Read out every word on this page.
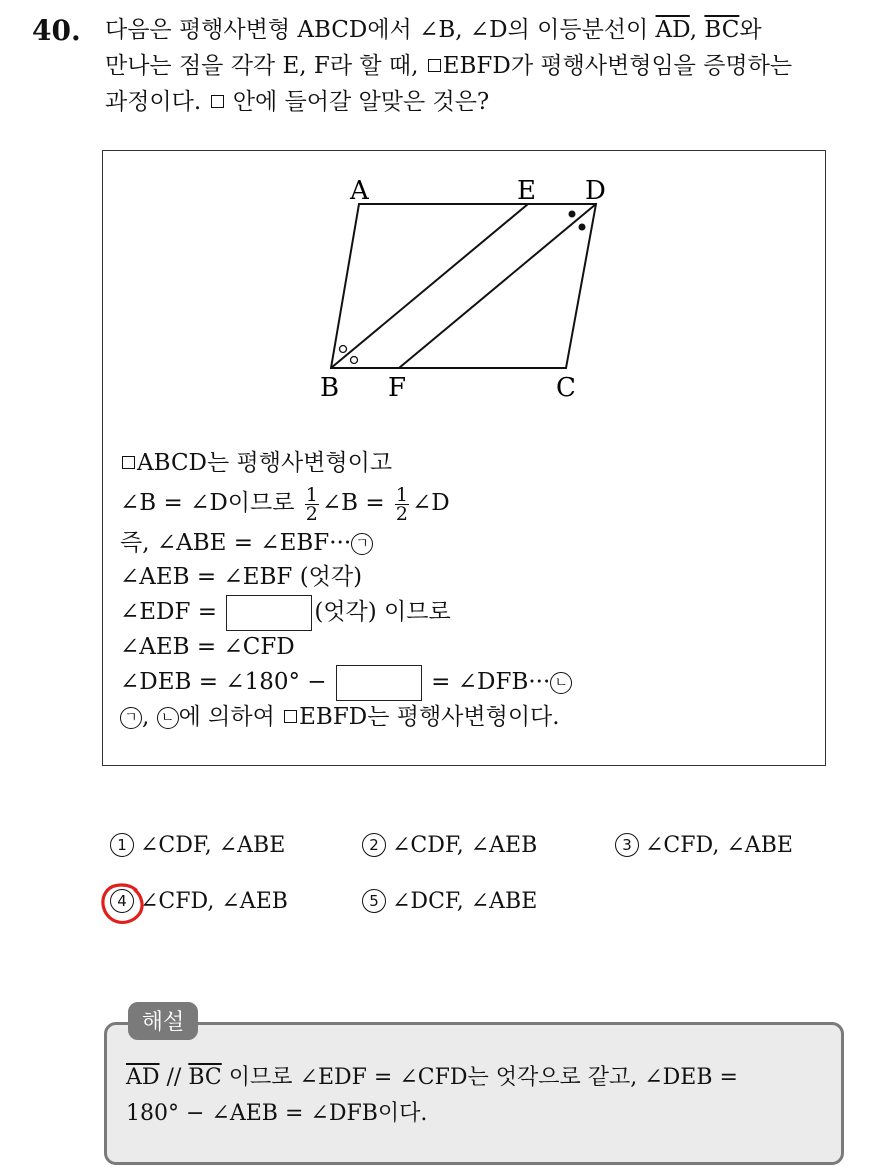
40. 다음은 평행사변형 ABCD에서 ∠B, ∠D의 이등분선이 $\overline{AD}$, $\overline{BC}$와

만나는 점을 각각 E, F라 할 때, EBFD가 평행사변형임을 증명하는

과정이다.  안에 들어갈 알맞은 것은?

A	E D
B F	C
ABCD는 평행사변형이고
∠B = ∠D이므로 $\frac{1}{2}$ ∠B = $\frac{1}{2}$ ∠D
즉, ∠ABE = ∠EBF··· ㄱ
∠AEB = ∠EBF (엇각)
∠EDF =	(엇각) 이므로
∠AEB = ∠CFD
∠DEB = ∠180° −	= ∠DFB··· ㄴ
ㄱ , ㄴ 에 의하여 EBFD는 평행사변형이다.
1 ∠CDF, ∠ABE	2 ∠CDF, ∠AEB	3 ∠CFD, ∠ABE
4 ∠CFD, ∠AEB	5 ∠DCF, ∠ABE
해설

$\overline{AD} // \overline{BC}$ 이므로 ∠EDF = ∠CFD는 엇각으로 같고, ∠DEB =

180° − ∠AEB = ∠DFB이다.
